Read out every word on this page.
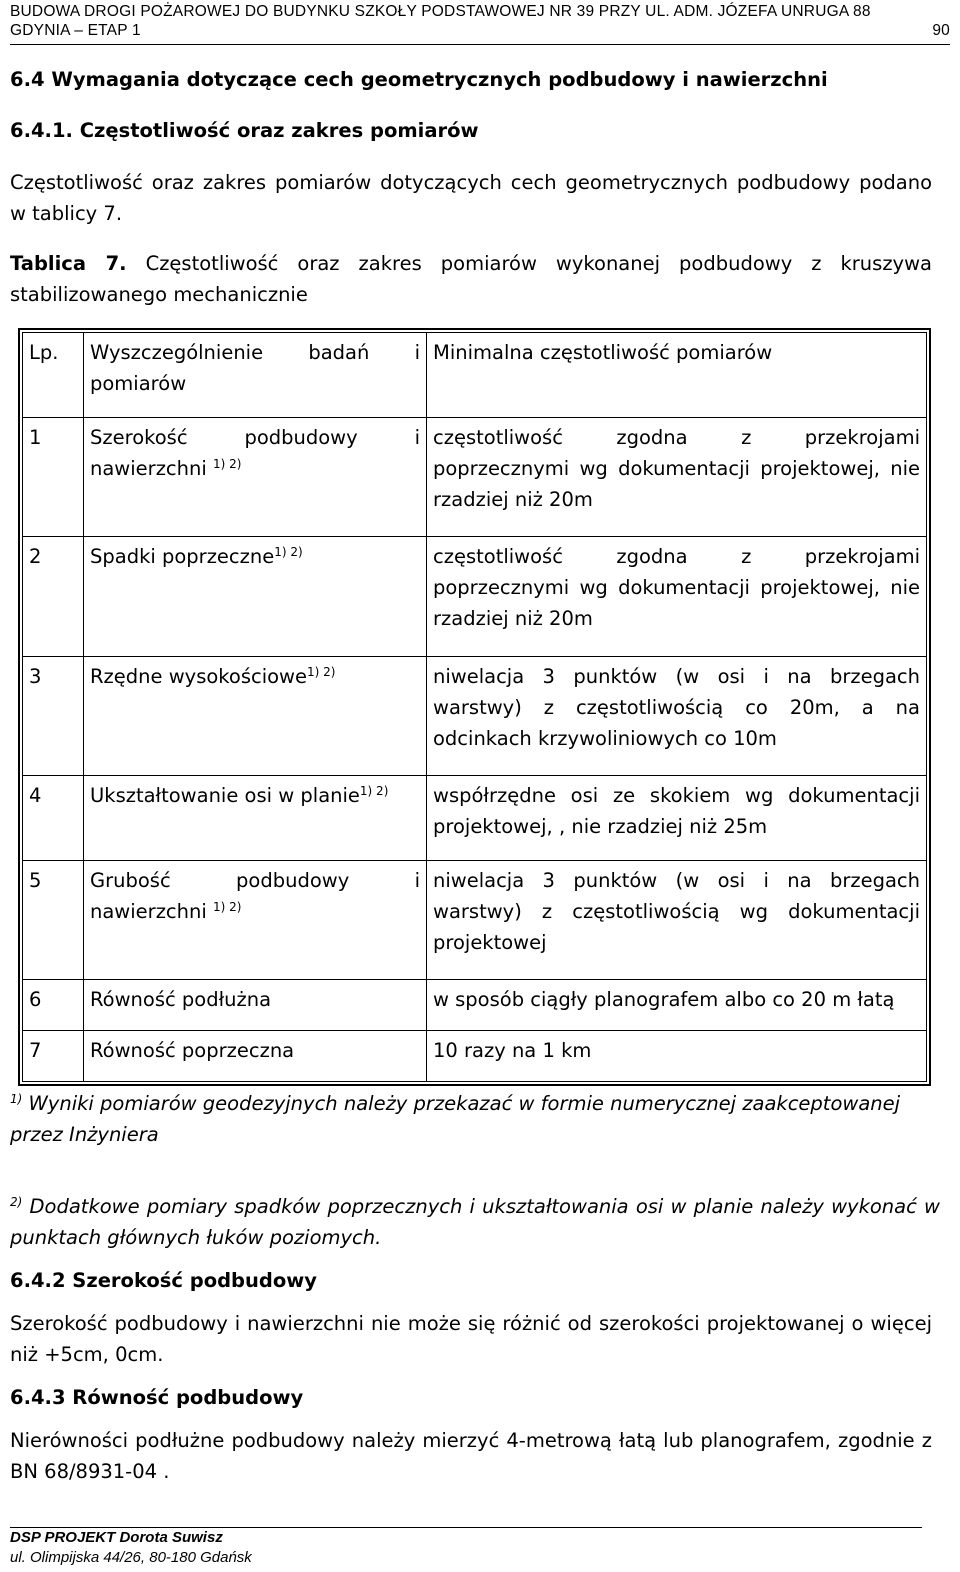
BUDOWA DROGI POŻAROWEJ DO BUDYNKU SZKOŁY PODSTAWOWEJ NR 39 PRZY UL. ADM. JÓZEFA UNRUGA 88
GDYNIA – ETAP 1	90
6.4 Wymagania dotyczące cech geometrycznych podbudowy i nawierzchni
6.4.1. Częstotliwość oraz zakres pomiarów
Częstotliwość oraz zakres pomiarów dotyczących cech geometrycznych podbudowy podano w tablicy 7.
Tablica 7. Częstotliwość oraz zakres pomiarów wykonanej podbudowy z kruszywa stabilizowanego mechanicznie
Lp.	Wyszczególnienie badań i pomiarów	Minimalna częstotliwość pomiarów
1	Szerokość podbudowy i nawierzchni $^{1) 2)}$	częstotliwość zgodna z przekrojami poprzecznymi wg dokumentacji projektowej, nie rzadziej niż 20m
2	Spadki poprzeczne$^{1) 2)}$	częstotliwość zgodna z przekrojami poprzecznymi wg dokumentacji projektowej, nie rzadziej niż 20m
3	Rzędne wysokościowe$^{1) 2)}$	niwelacja 3 punktów (w osi i na brzegach warstwy) z częstotliwością co 20m, a na odcinkach krzywoliniowych co 10m
4	Ukształtowanie osi w planie$^{1) 2)}$	współrzędne osi ze skokiem wg dokumentacji projektowej, , nie rzadziej niż 25m
5	Grubość podbudowy i nawierzchni $^{1) 2)}$	niwelacja 3 punktów (w osi i na brzegach warstwy) z częstotliwością wg dokumentacji projektowej
6	Równość podłużna	w sposób ciągły planografem albo co 20 m łatą
7	Równość poprzeczna	10 razy na 1 km
$^{1)}$ Wyniki pomiarów geodezyjnych należy przekazać w formie numerycznej zaakceptowanej
przez Inżyniera
$^{2)}$ Dodatkowe pomiary spadków poprzecznych i ukształtowania osi w planie należy wykonać w punktach głównych łuków poziomych.
6.4.2 Szerokość podbudowy
Szerokość podbudowy i nawierzchni nie może się różnić od szerokości projektowanej o więcej niż +5cm, 0cm.
6.4.3 Równość podbudowy
Nierówności podłużne podbudowy należy mierzyć 4-metrową łatą lub planografem, zgodnie z BN 68/8931-04 .
DSP PROJEKT Dorota Suwisz
ul. Olimpijska 44/26, 80-180 Gdańsk
